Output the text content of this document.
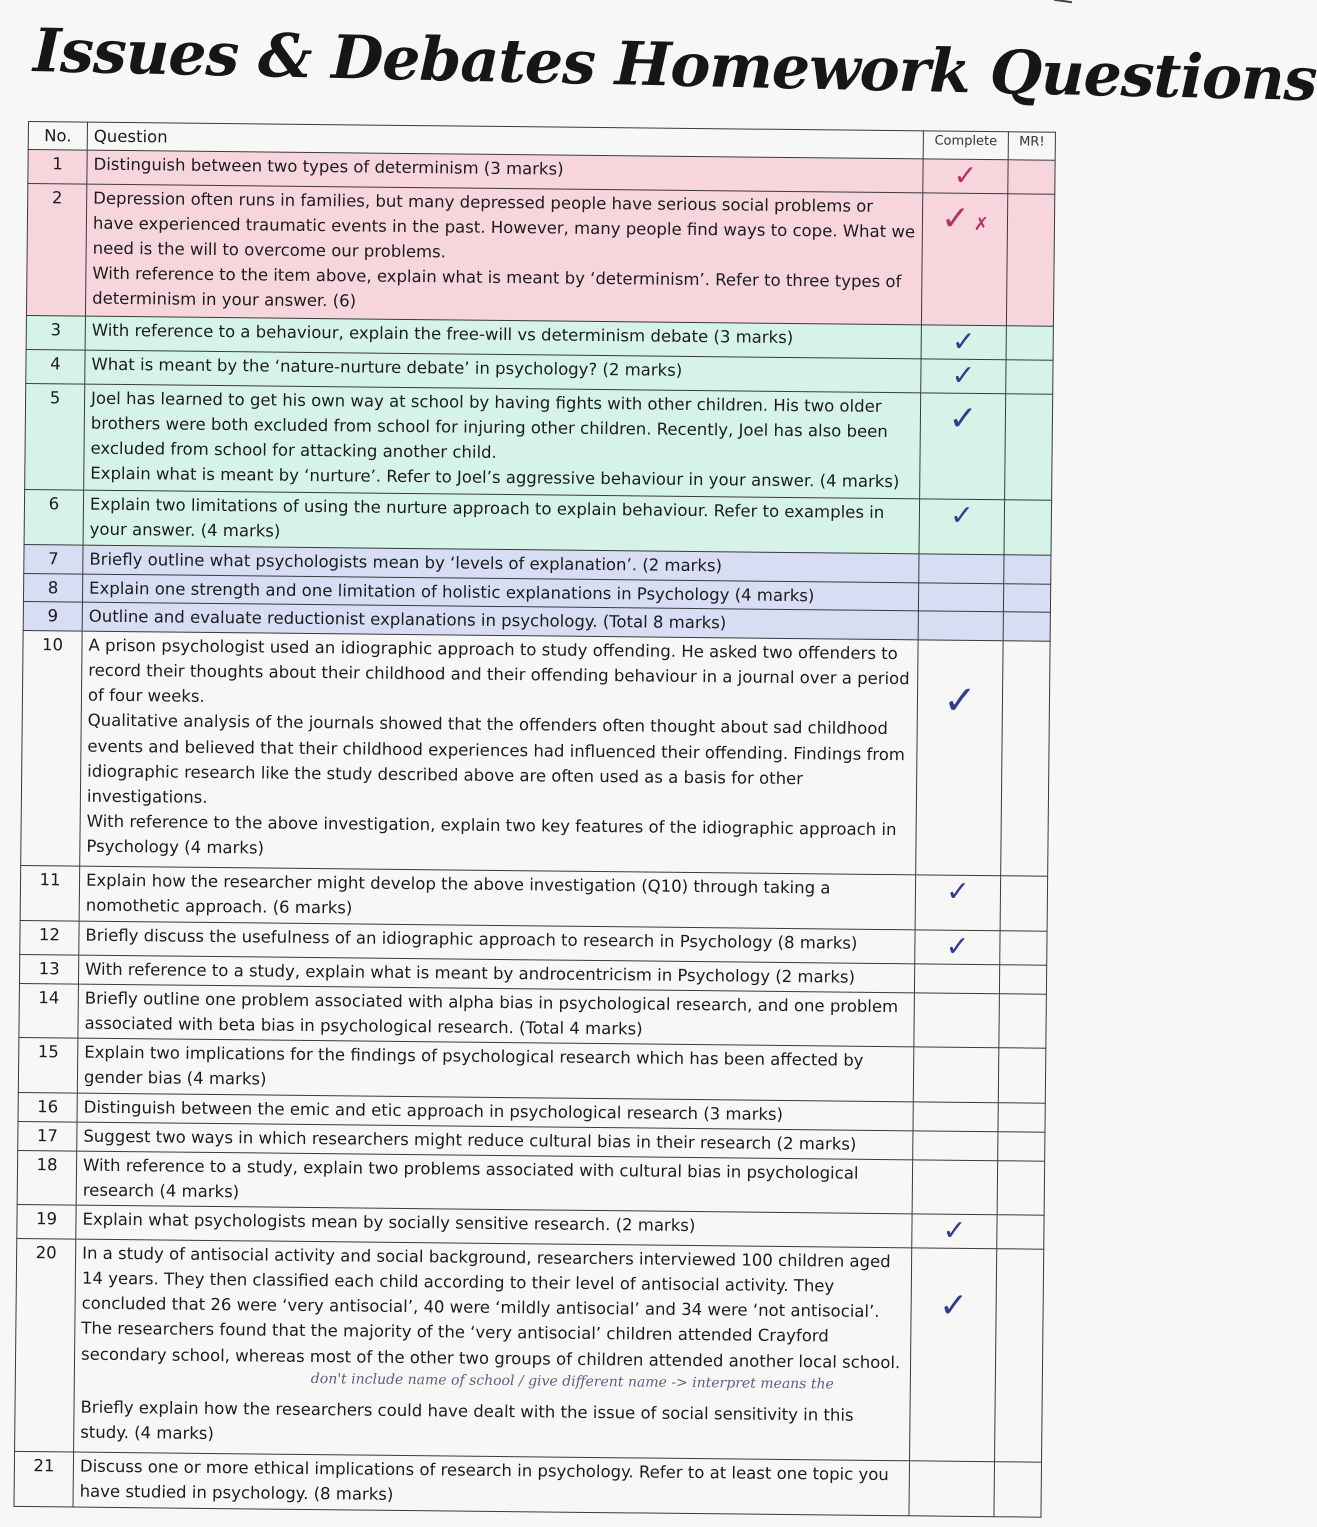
Issues & Debates Homework Questions
No.	Question	Complete	MR!
1	Distinguish between two types of determinism (3 marks)	✓	
2	Depression often runs in families, but many depressed people have serious social problems or have experienced traumatic events in the past. However, many people find ways to cope. What we need is the will to overcome our problems.
With reference to the item above, explain what is meant by ‘determinism’. Refer to three types of determinism in your answer. (6)	✓ ✗	
3	With reference to a behaviour, explain the free-will vs determinism debate (3 marks)	✓	
4	What is meant by the ‘nature-nurture debate’ in psychology? (2 marks)	✓	
5	Joel has learned to get his own way at school by having fights with other children. His two older brothers were both excluded from school for injuring other children. Recently, Joel has also been excluded from school for attacking another child.
Explain what is meant by ‘nurture’. Refer to Joel’s aggressive behaviour in your answer. (4 marks)	✓	
6	Explain two limitations of using the nurture approach to explain behaviour. Refer to examples in your answer. (4 marks)	✓	
7	Briefly outline what psychologists mean by ‘levels of explanation’. (2 marks)		

8	Explain one strength and one limitation of holistic explanations in Psychology (4 marks)		

9	Outline and evaluate reductionist explanations in psychology. (Total 8 marks)		

10	A prison psychologist used an idiographic approach to study offending. He asked two offenders to record their thoughts about their childhood and their offending behaviour in a journal over a period of four weeks.
Qualitative analysis of the journals showed that the offenders often thought about sad childhood events and believed that their childhood experiences had influenced their offending. Findings from idiographic research like the study described above are often used as a basis for other investigations.
With reference to the above investigation, explain two key features of the idiographic approach in Psychology (4 marks)	✓	
11	Explain how the researcher might develop the above investigation (Q10) through taking a nomothetic approach. (6 marks)	✓	
12	Briefly discuss the usefulness of an idiographic approach to research in Psychology (8 marks)	✓	
13	With reference to a study, explain what is meant by androcentricism in Psychology (2 marks)		

14	Briefly outline one problem associated with alpha bias in psychological research, and one problem associated with beta bias in psychological research. (Total 4 marks)		

15	Explain two implications for the findings of psychological research which has been affected by gender bias (4 marks)		

16	Distinguish between the emic and etic approach in psychological research (3 marks)		

17	Suggest two ways in which researchers might reduce cultural bias in their research (2 marks)		

18	With reference to a study, explain two problems associated with cultural bias in psychological research (4 marks)		

19	Explain what psychologists mean by socially sensitive research. (2 marks)	✓	
20	In a study of antisocial activity and social background, researchers interviewed 100 children aged 14 years. They then classified each child according to their level of antisocial activity. They concluded that 26 were ‘very antisocial’, 40 were ‘mildly antisocial’ and 34 were ‘not antisocial’. The researchers found that the majority of the ‘very antisocial’ children attended Crayford secondary school, whereas most of the other two groups of children attended another local school.
don't include name of school / give different name -> interpret means the
Briefly explain how the researchers could have dealt with the issue of social sensitivity in this study. (4 marks)	✓	
21	Discuss one or more ethical implications of research in psychology. Refer to at least one topic you have studied in psychology. (8 marks)		
